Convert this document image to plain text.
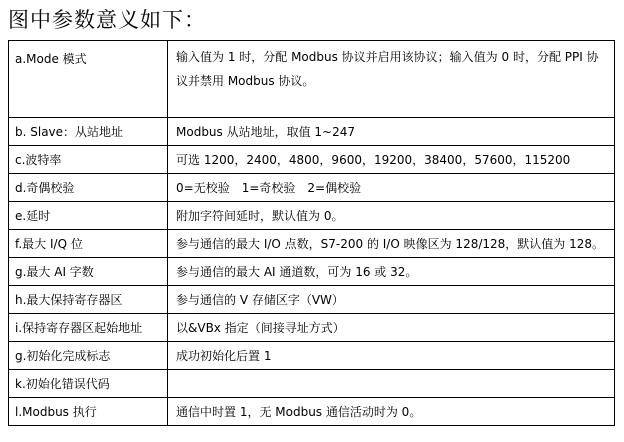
图中参数意义如下：
a.Mode 模式	输入值为 1 时，分配 Modbus 协议并启用该协议；输入值为 0 时，分配 PPI 协议并禁用 Modbus 协议。
b. Slave：从站地址	Modbus 从站地址，取值 1~247
c.波特率	可选 1200，2400，4800，9600，19200，38400，57600，115200
d.奇偶校验	0=无校验　1=奇校验　2=偶校验
e.延时	附加字符间延时，默认值为 0。
f.最大 I/Q 位	参与通信的最大 I/O 点数，S7-200 的 I/O 映像区为 128/128，默认值为 128。
g.最大 AI 字数	参与通信的最大 AI 通道数，可为 16 或 32。
h.最大保持寄存器区	参与通信的 V 存储区字（VW）
i.保持寄存器区起始地址	以&VBx 指定（间接寻址方式）
g.初始化完成标志	成功初始化后置 1
k.初始化错误代码	
l.Modbus 执行	通信中时置 1，无 Modbus 通信活动时为 0。
